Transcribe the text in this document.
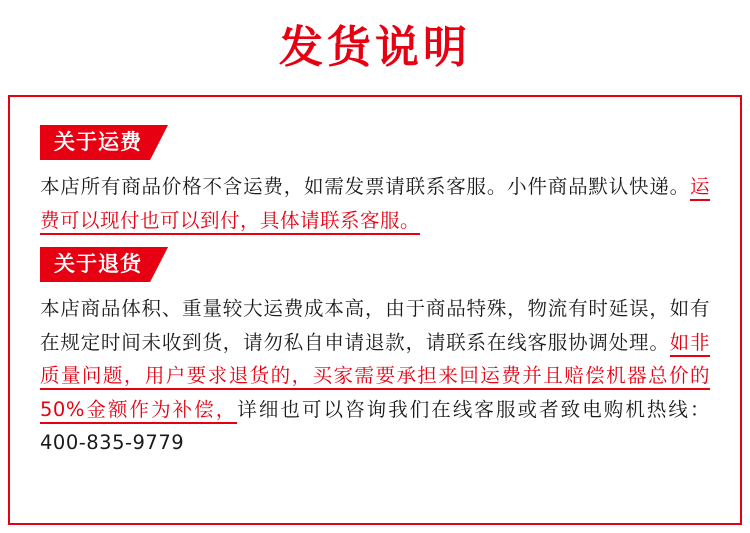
发货说明
关于运费

本店所有商品价格不含运费，如需发票请联系客服。小件商品默认快递。运费可以现付也可以到付，具体请联系客服。

关于退货

本店商品体积、重量较大运费成本高，由于商品特殊，物流有时延误，如有在规定时间未收到货，请勿私自申请退款，请联系在线客服协调处理。如非质量问题，用户要求退货的，买家需要承担来回运费并且赔偿机器总价的50%金额作为补偿，详细也可以咨询我们在线客服或者致电购机热线：400-835-9779
